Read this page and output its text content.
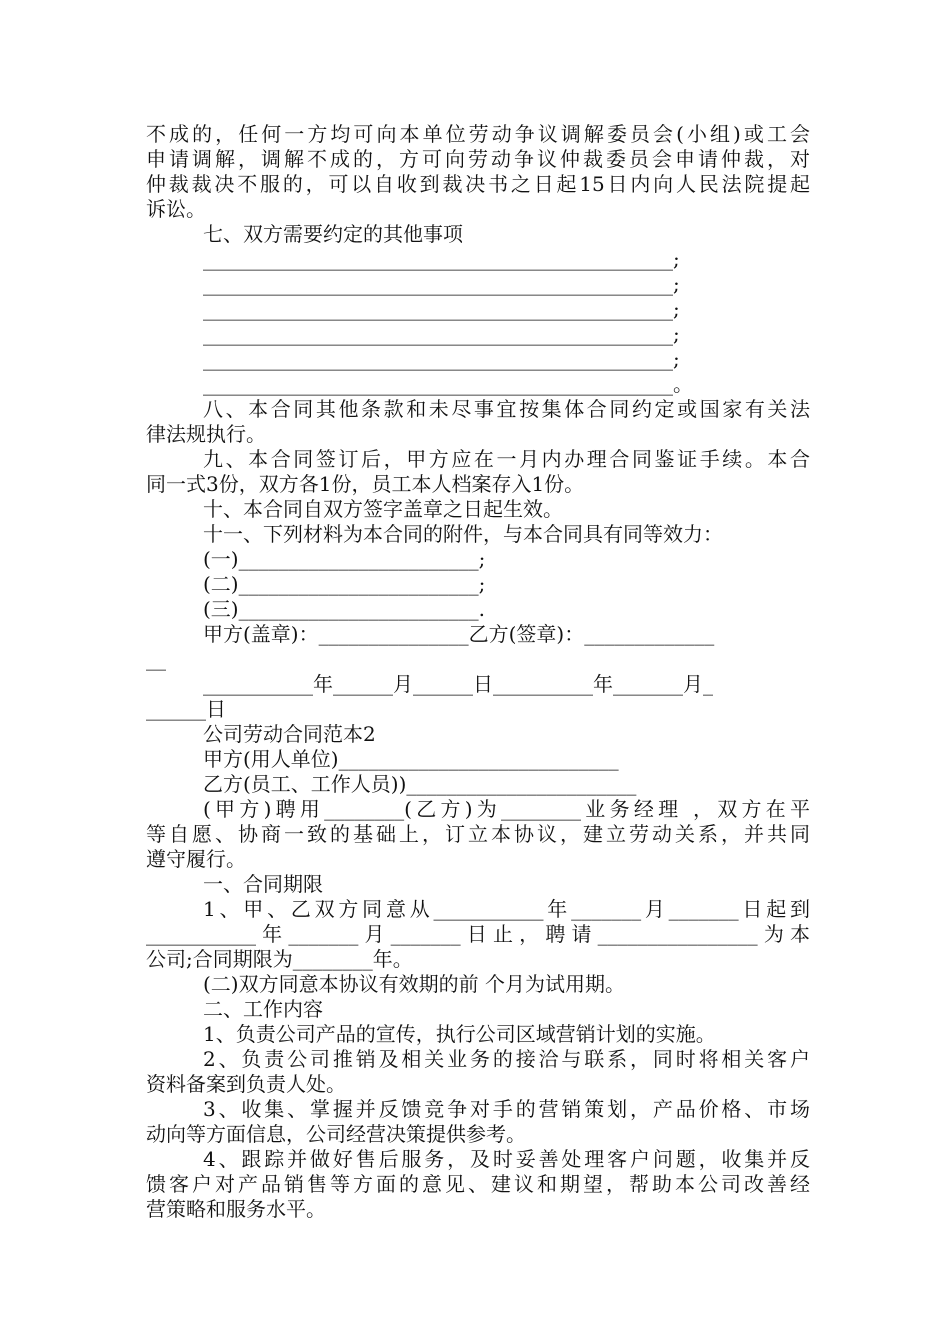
不成的，任何一方均可向本单位劳动争议调解委员会(小组)或工会
申请调解，调解不成的，方可向劳动争议仲裁委员会申请仲裁，对
仲裁裁决不服的，可以自收到裁决书之日起15日内向人民法院提起
诉讼。
七、双方需要约定的其他事项
_______________________________________________;
_______________________________________________;
_______________________________________________;
_______________________________________________;
_______________________________________________;
_______________________________________________。
八、本合同其他条款和未尽事宜按集体合同约定或国家有关法
律法规执行。
九、本合同签订后，甲方应在一月内办理合同鉴证手续。本合
同一式3份，双方各1份，员工本人档案存入1份。
十、本合同自双方签字盖章之日起生效。
十一、下列材料为本合同的附件，与本合同具有同等效力：
(一)________________________;
(二)________________________;
(三)________________________.
甲方(盖章)：_______________乙方(签章)：_____________
__
___________年______月______日__________年_______月_
______日
公司劳动合同范本2
甲方(用人单位)____________________________
乙方(员工、工作人员))_______________________
(甲方)聘用________(乙方)为________业务经理 ，双方在平
等自愿、协商一致的基础上，订立本协议，建立劳动关系，并共同
遵守履行。
一、合同期限
1、甲、乙双方同意从___________年_______月_______日起到
___________年_______月_______日止，聘请________________为本
公司;合同期限为________年。
(二)双方同意本协议有效期的前 个月为试用期。
二、工作内容
1、负责公司产品的宣传，执行公司区域营销计划的实施。
2、负责公司推销及相关业务的接洽与联系，同时将相关客户
资料备案到负责人处。
3、收集、掌握并反馈竞争对手的营销策划，产品价格、市场
动向等方面信息，公司经营决策提供参考。
4、跟踪并做好售后服务，及时妥善处理客户问题，收集并反
馈客户对产品销售等方面的意见、建议和期望，帮助本公司改善经
营策略和服务水平。
